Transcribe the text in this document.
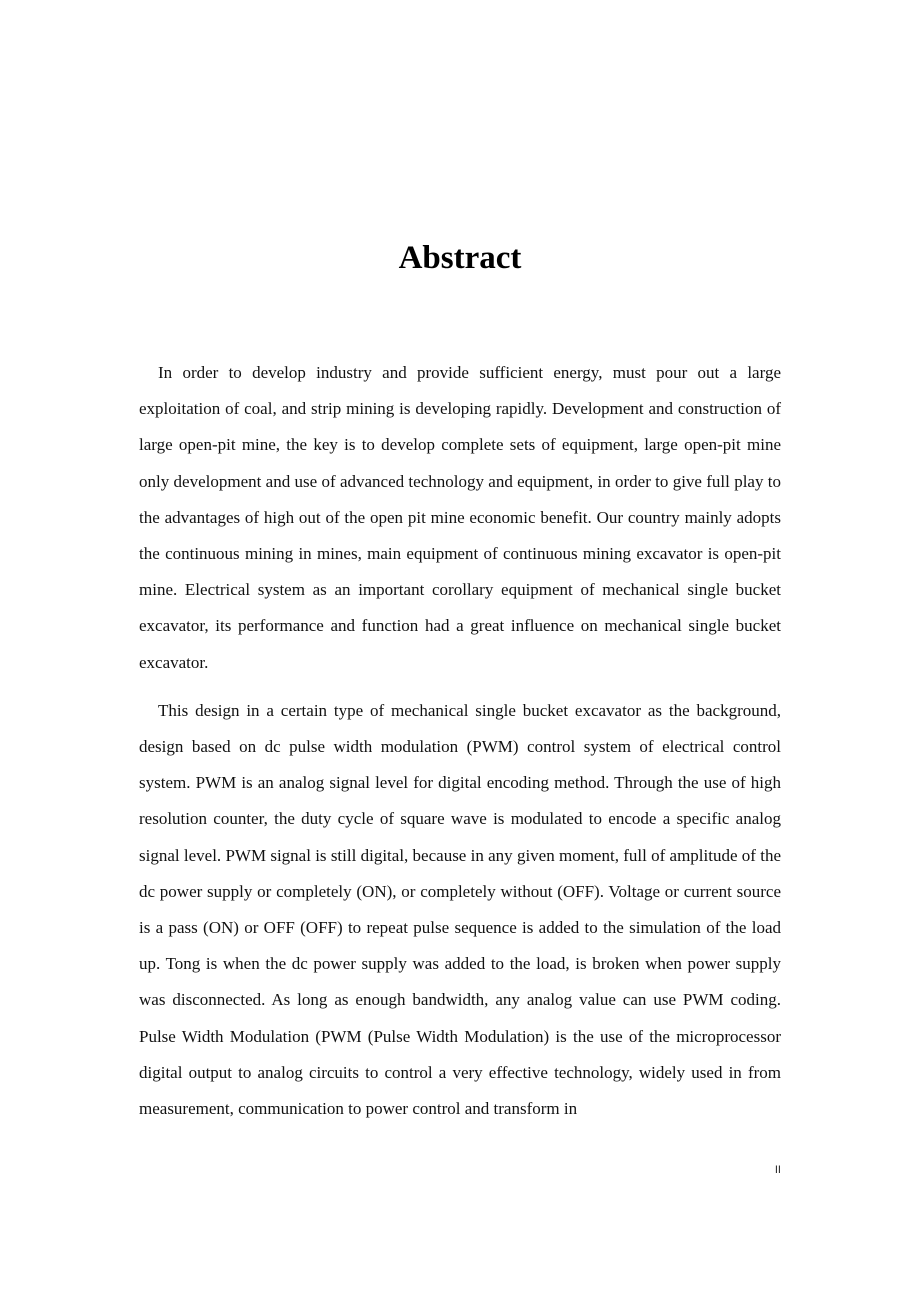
Abstract

In order to develop industry and provide sufficient energy, must pour out a large exploitation of coal, and strip mining is developing rapidly. Development and construction of large open-pit mine, the key is to develop complete sets of equipment, large open-pit mine only development and use of advanced technology and equipment, in order to give full play to the advantages of high out of the open pit mine economic benefit. Our country mainly adopts the continuous mining in mines, main equipment of continuous mining excavator is open-pit mine. Electrical system as an important corollary equipment of mechanical single bucket excavator, its performance and function had a great influence on mechanical single bucket excavator.

This design in a certain type of mechanical single bucket excavator as the background, design based on dc pulse width modulation (PWM) control system of electrical control system. PWM is an analog signal level for digital encoding method. Through the use of high resolution counter, the duty cycle of square wave is modulated to encode a specific analog signal level. PWM signal is still digital, because in any given moment, full of amplitude of the dc power supply or completely (ON), or completely without (OFF). Voltage or current source is a pass (ON) or OFF (OFF) to repeat pulse sequence is added to the simulation of the load up. Tong is when the dc power supply was added to the load, is broken when power supply was disconnected. As long as enough bandwidth, any analog value can use PWM coding. Pulse Width Modulation (PWM (Pulse Width Modulation) is the use of the microprocessor digital output to analog circuits to control a very effective technology, widely used in from measurement, communication to power control and transform in

II
